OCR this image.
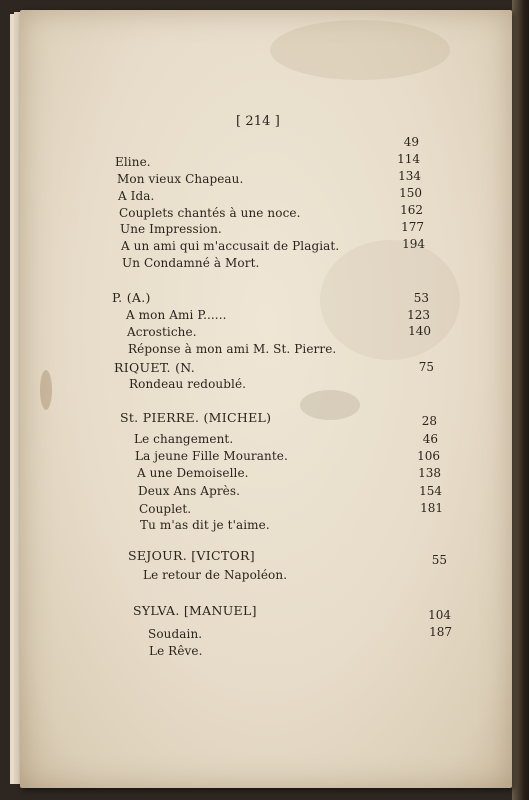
[ 214 ]
49
Eline.	114
Mon vieux Chapeau.	134
A Ida.	150
Couplets chantés à une noce.	162
Une Impression.	177
A un ami qui m'accusait de Plagiat.	194
Un Condamné à Mort.
P. (A.)	53
A mon Ami P......	123
Acrostiche.	140
Réponse à mon ami M. St. Pierre.
RIQUET. (N.	75
Rondeau redoublé.
St. PIERRE. (MICHEL)	28
Le changement.	46
La jeune Fille Mourante.	106
A une Demoiselle.	138
Deux Ans Après.	154
Couplet.	181
Tu m'as dit je t'aime.
SEJOUR. [VICTOR]	55
Le retour de Napoléon.
SYLVA. [MANUEL]	104
Soudain.	187
Le Rêve.
